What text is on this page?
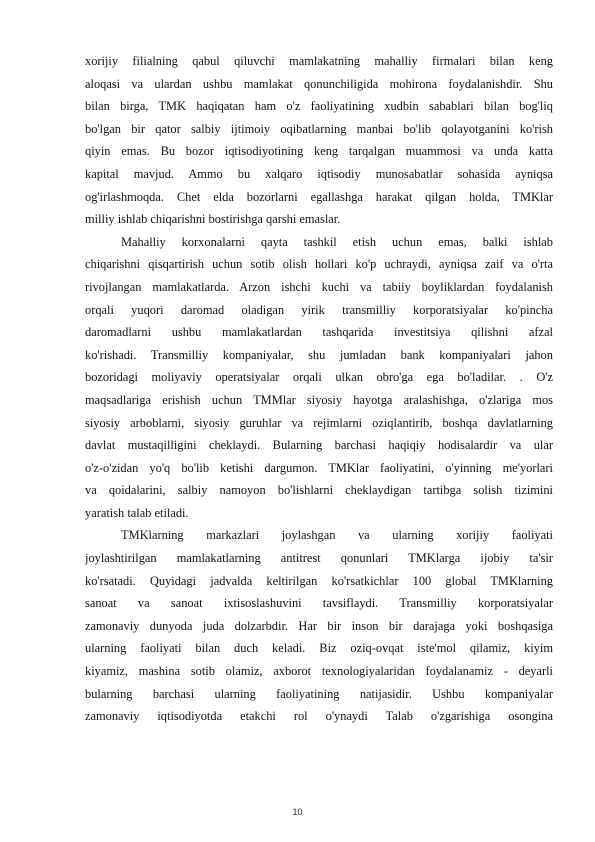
xorijiy filialning qabul qiluvchi mamlakatning mahalliy firmalari bilan keng
aloqasi va ulardan ushbu mamlakat qonunchiligida mohirona foydalanishdir. Shu
bilan birga, TMK haqiqatan ham o'z faoliyatining xudbin sabablari bilan bog'liq
bo'lgan bir qator salbiy ijtimoiy oqibatlarning manbai bo'lib qolayotganini ko'rish
qiyin emas. Bu bozor iqtisodiyotining keng tarqalgan muammosi va unda katta
kapital mavjud. Ammo bu xalqaro iqtisodiy munosabatlar sohasida ayniqsa
og'irlashmoqda. Chet elda bozorlarni egallashga harakat qilgan holda, TMKlar
milliy ishlab chiqarishni bostirishga qarshi emaslar.
Mahalliy korxonalarni qayta tashkil etish uchun emas, balki ishlab
chiqarishni qisqartirish uchun sotib olish hollari ko'p uchraydi, ayniqsa zaif va o'rta
rivojlangan mamlakatlarda. Arzon ishchi kuchi va tabiiy boyliklardan foydalanish
orqali yuqori daromad oladigan yirik transmilliy korporatsiyalar ko'pincha
daromadlarni ushbu mamlakatlardan tashqarida investitsiya qilishni afzal
ko'rishadi. Transmilliy kompaniyalar, shu jumladan bank kompaniyalari jahon
bozoridagi moliyaviy operatsiyalar orqali ulkan obro'ga ega bo'ladilar. . O'z
maqsadlariga erishish uchun TMMlar siyosiy hayotga aralashishga, o'zlariga mos
siyosiy arboblarni, siyosiy guruhlar va rejimlarni oziqlantirib, boshqa davlatlarning
davlat mustaqilligini cheklaydi. Bularning barchasi haqiqiy hodisalardir va ular
o'z-o'zidan yo'q bo'lib ketishi dargumon. TMKlar faoliyatini, o'yinning me'yorlari
va qoidalarini, salbiy namoyon bo'lishlarni cheklaydigan tartibga solish tizimini
yaratish talab etiladi.
TMKlarning markazlari joylashgan va ularning xorijiy faoliyati
joylashtirilgan mamlakatlarning antitrest qonunlari TMKlarga ijobiy ta'sir
ko'rsatadi. Quyidagi jadvalda keltirilgan ko'rsatkichlar 100 global TMKlarning
sanoat va sanoat ixtisoslashuvini tavsiflaydi. Transmilliy korporatsiyalar
zamonaviy dunyoda juda dolzarbdir. Har bir inson bir darajaga yoki boshqasiga
ularning faoliyati bilan duch keladi. Biz oziq-ovqat iste'mol qilamiz, kiyim
kiyamiz, mashina sotib olamiz, axborot texnologiyalaridan foydalanamiz - deyarli
bularning barchasi ularning faoliyatining natijasidir. Ushbu kompaniyalar
zamonaviy iqtisodiyotda etakchi rol o'ynaydi Talab o'zgarishiga osongina
10
